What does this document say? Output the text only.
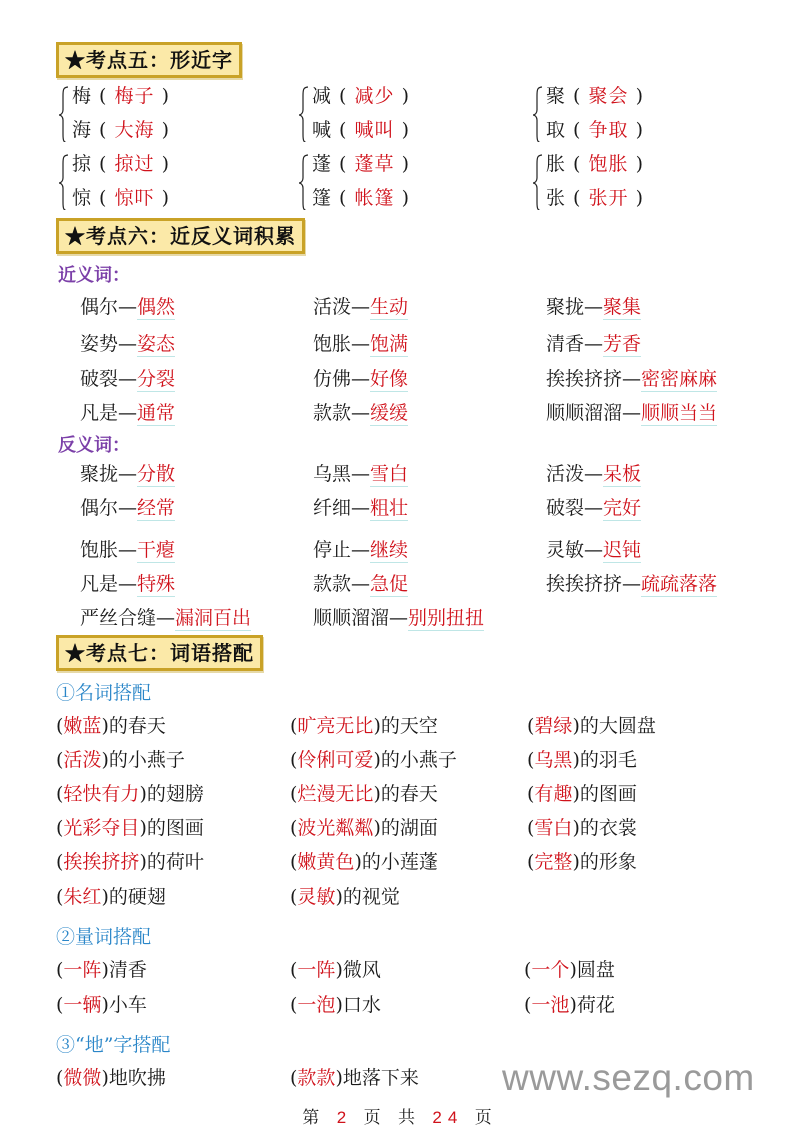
★考点五：形近字
梅 ( 梅子 )
海 ( 大海 )
减 ( 减少 )
喊 ( 喊叫 )
聚 ( 聚会 )
取 ( 争取 )
掠 ( 掠过 )
惊 ( 惊吓 )
蓬 ( 蓬草 )
篷 ( 帐篷 )
胀 ( 饱胀 )
张 ( 张开 )
★考点六：近反义词积累
近义词：
偶尔—偶然	活泼—生动	聚拢—聚集
姿势—姿态	饱胀—饱满	清香—芳香
破裂—分裂	仿佛—好像	挨挨挤挤—密密麻麻
凡是—通常	款款—缓缓	顺顺溜溜—顺顺当当
反义词：
聚拢—分散	乌黑—雪白	活泼—呆板
偶尔—经常	纤细—粗壮	破裂—完好
饱胀—干瘪	停止—继续	灵敏—迟钝
凡是—特殊	款款—急促	挨挨挤挤—疏疏落落
严丝合缝—漏洞百出	顺顺溜溜—别别扭扭
★考点七：词语搭配
①名词搭配
(嫩蓝)的春天	(旷亮无比)的天空	(碧绿)的大圆盘
(活泼)的小燕子	(伶俐可爱)的小燕子	(乌黑)的羽毛
(轻快有力)的翅膀	(烂漫无比)的春天	(有趣)的图画
(光彩夺目)的图画	(波光粼粼)的湖面	(雪白)的衣裳
(挨挨挤挤)的荷叶	(嫩黄色)的小莲蓬	(完整)的形象
(朱红)的硬翅	(灵敏)的视觉
②量词搭配
(一阵)清香	(一阵)微风	(一个)圆盘
(一辆)小车	(一泡)口水	(一池)荷花
③“地”字搭配
(微微)地吹拂	(款款)地落下来 www.sezq.com
第 2 页 共 24 页
